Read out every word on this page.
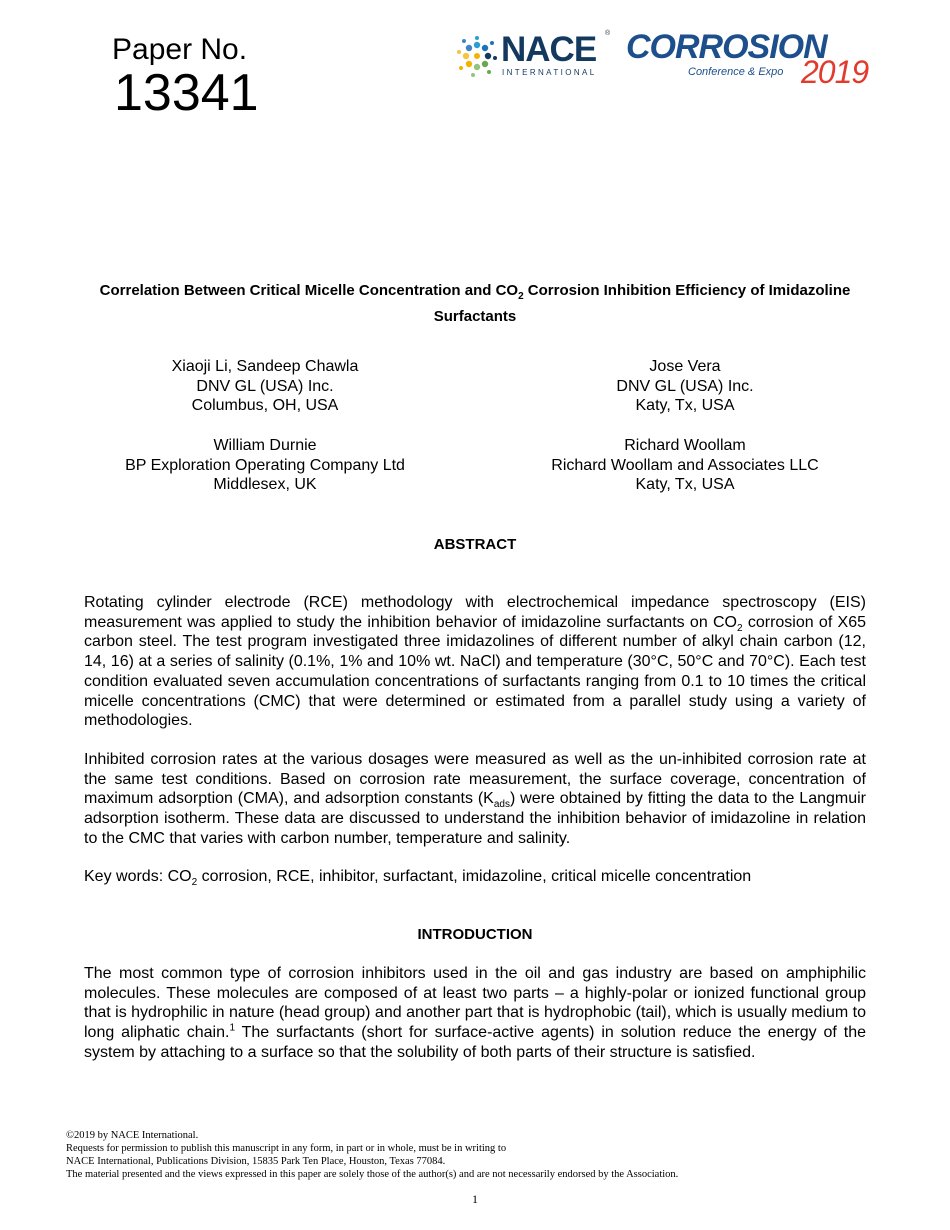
Paper No.
13341
NACE
INTERNATIONAL
® CORROSION
Conference & Expo 2019
Correlation Between Critical Micelle Concentration and $CO_2$ Corrosion Inhibition Efficiency of Imidazoline Surfactants
Xiaoji Li, Sandeep Chawla
DNV GL (USA) Inc.
Columbus, OH, USA
Jose Vera
DNV GL (USA) Inc.
Katy, Tx, USA
William Durnie
BP Exploration Operating Company Ltd
Middlesex, UK
Richard Woollam
Richard Woollam and Associates LLC
Katy, Tx, USA
ABSTRACT
Rotating cylinder electrode (RCE) methodology with electrochemical impedance spectroscopy (EIS) measurement was applied to study the inhibition behavior of imidazoline surfactants on $CO_2$ corrosion of X65 carbon steel. The test program investigated three imidazolines of different number of alkyl chain carbon (12, 14, 16) at a series of salinity (0.1%, 1% and 10% wt. NaCl) and temperature (30°C, 50°C and 70°C). Each test condition evaluated seven accumulation concentrations of surfactants ranging from 0.1 to 10 times the critical micelle concentrations (CMC) that were determined or estimated from a parallel study using a variety of methodologies.
Inhibited corrosion rates at the various dosages were measured as well as the un-inhibited corrosion rate at the same test conditions. Based on corrosion rate measurement, the surface coverage, concentration of maximum adsorption (CMA), and adsorption constants $(K_{ads})$ were obtained by fitting the data to the Langmuir adsorption isotherm. These data are discussed to understand the inhibition behavior of imidazoline in relation to the CMC that varies with carbon number, temperature and salinity.
Key words: $CO_2$ corrosion, RCE, inhibitor, surfactant, imidazoline, critical micelle concentration
INTRODUCTION
The most common type of corrosion inhibitors used in the oil and gas industry are based on amphiphilic molecules. These molecules are composed of at least two parts – a highly-polar or ionized functional group that is hydrophilic in nature (head group) and another part that is hydrophobic (tail), which is usually medium to long aliphatic chain.$^1$ The surfactants (short for surface-active agents) in solution reduce the energy of the system by attaching to a surface so that the solubility of both parts of their structure is satisfied.
©2019 by NACE International.
Requests for permission to publish this manuscript in any form, in part or in whole, must be in writing to
NACE International, Publications Division, 15835 Park Ten Place, Houston, Texas 77084.
The material presented and the views expressed in this paper are solely those of the author(s) and are not necessarily endorsed by the Association.
1
